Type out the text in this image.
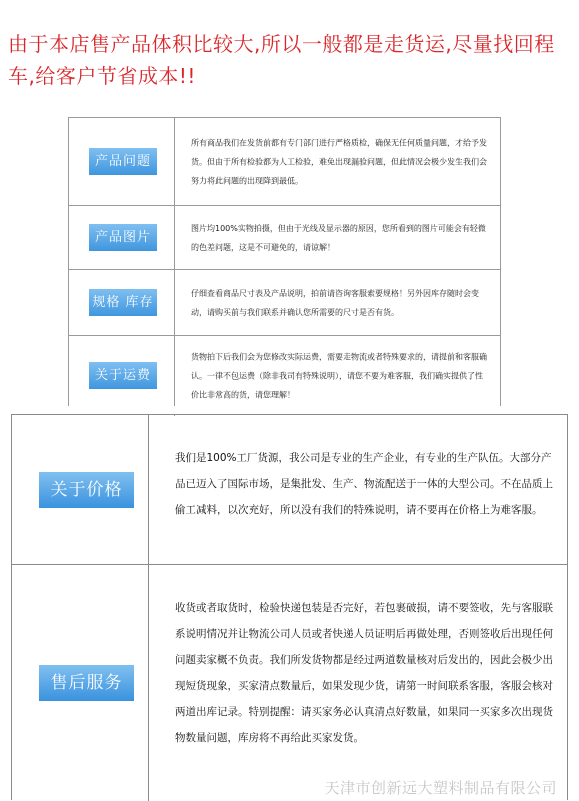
由于本店售产品体积比较大,所以一般都是走货运,尽量找回程车,给客户节省成本!!

产品问题
所有商品我们在发货前都有专门部门进行严格质检，确保无任何质量问题，才给予发货。但由于所有检验都为人工检验，难免出现漏验问题，但此情况会极少发生我们会努力将此问题的出现降到最低。
产品图片
图片均100%实物拍摄，但由于光线及显示器的原因，您所看到的图片可能会有轻微的色差问题，这是不可避免的，请谅解！
规格 库存
仔细查看商品尺寸表及产品说明，拍前请咨询客服索要规格！另外因库存随时会变动，请购买前与我们联系并确认您所需要的尺寸是否有货。
关于运费
货物拍下后我们会为您修改实际运费，需要走物流或者特殊要求的，请提前和客服确认。一律不包运费（除非我司有特殊说明），请您不要为难客服，我们确实提供了性价比非常高的货，请您理解！
关于价格
我们是100%工厂货源，我公司是专业的生产企业，有专业的生产队伍。大部分产品已迈入了国际市场，是集批发、生产、物流配送于一体的大型公司。不在品质上偷工减料，以次充好，所以没有我们的特殊说明，请不要再在价格上为难客服。
售后服务
收货或者取货时，检验快递包装是否完好，若包裹破损，请不要签收，先与客服联系说明情况并让物流公司人员或者快递人员证明后再做处理，否则签收后出现任何问题卖家概不负责。我们所发货物都是经过两道数量核对后发出的，因此会极少出现短货现象，买家清点数量后，如果发现少货，请第一时间联系客服，客服会核对两道出库记录。特别提醒：请买家务必认真清点好数量，如果同一买家多次出现货物数量问题，库房将不再给此买家发货。
天津市创新远大塑料制品有限公司
